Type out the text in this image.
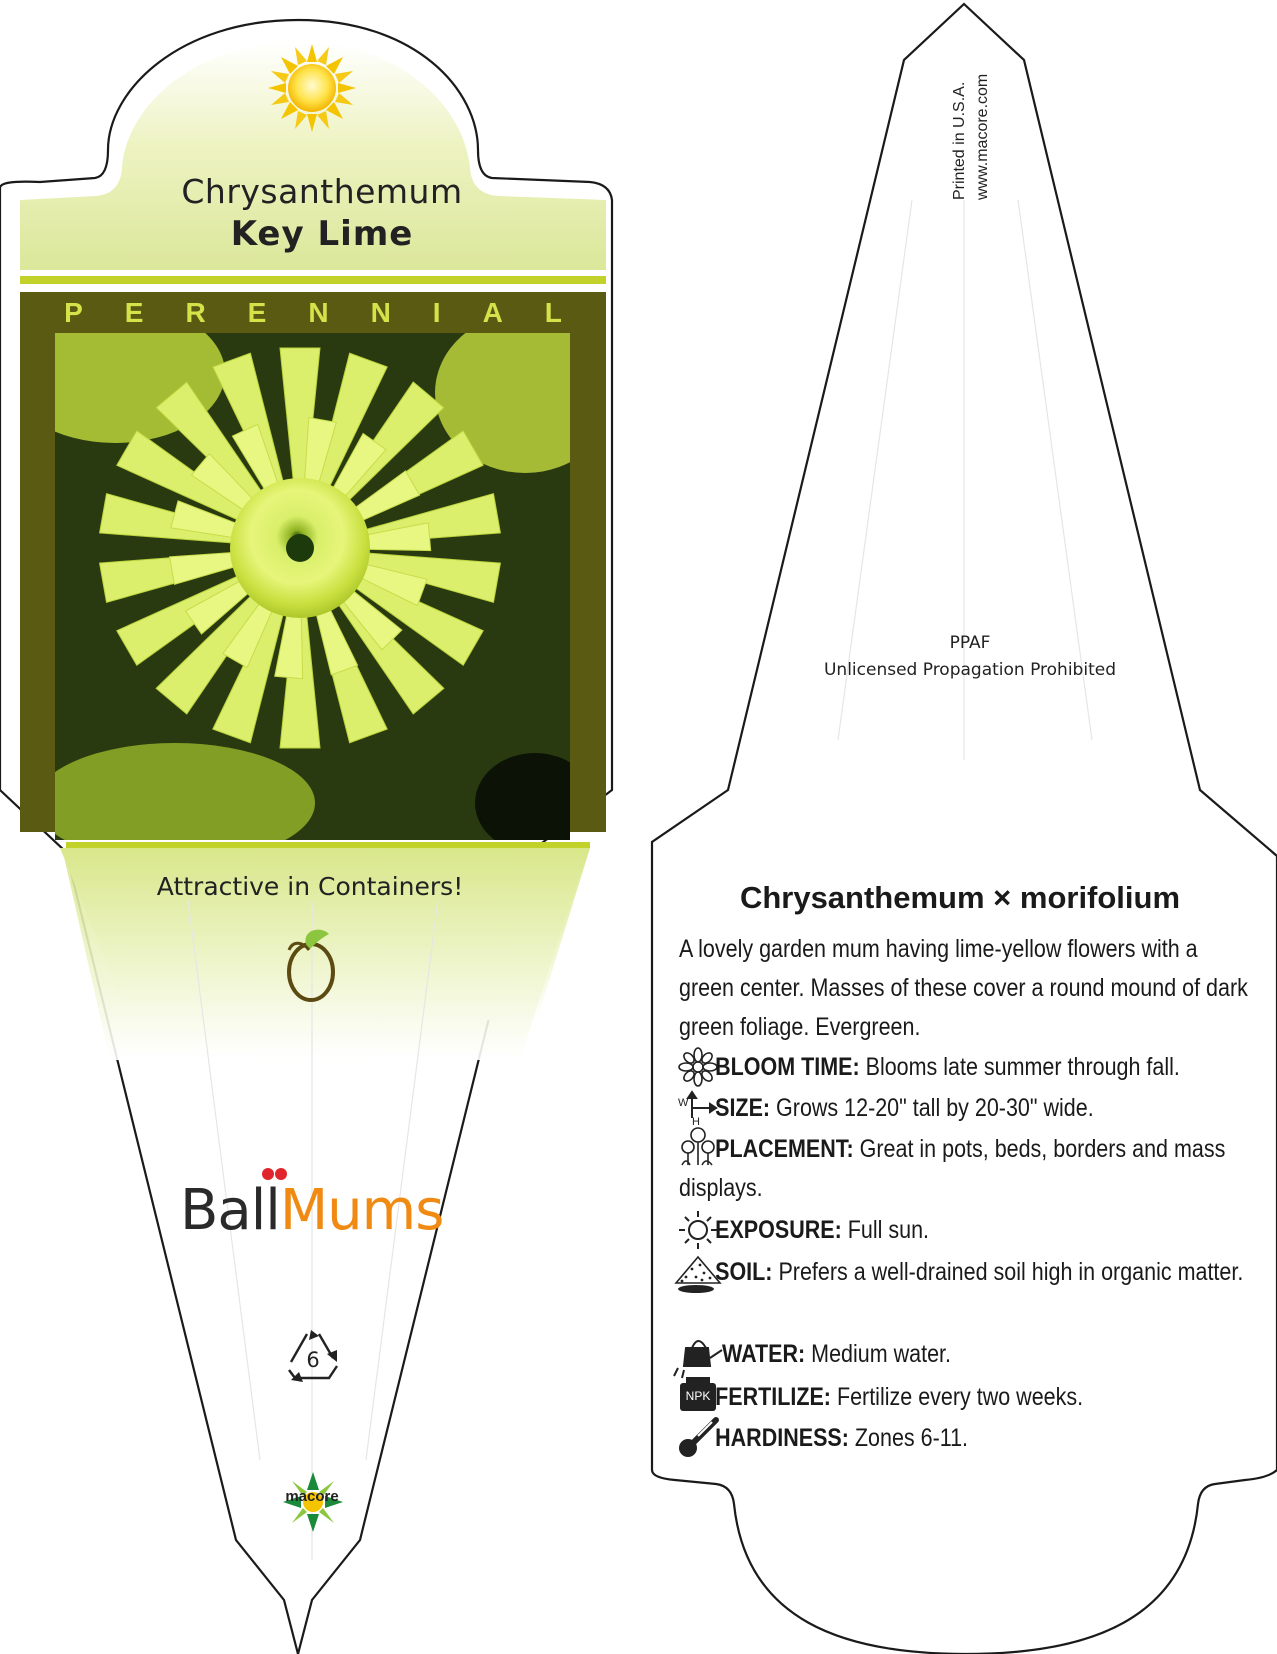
Chrysanthemum
Key Lime
PERENNIAL
Attractive in Containers!
BallMums
6
macore
Printed in U.S.A. www.macore.com
PPAF
Unlicensed Propagation Prohibited
Chrysanthemum × morifolium
A lovely garden mum having lime-yellow flowers with a green center. Masses of these cover a round mound of dark green foliage. Evergreen.
BLOOM TIME: Blooms late summer through fall.
SIZE: Grows 12-20" tall by 20-30" wide.
PLACEMENT: Great in pots, beds, borders and mass displays.
EXPOSURE: Full sun.
SOIL: Prefers a well-drained soil high in organic matter.
WATER: Medium water.
FERTILIZE: Fertilize every two weeks.
HARDINESS: Zones 6-11.
W
H
NPK
